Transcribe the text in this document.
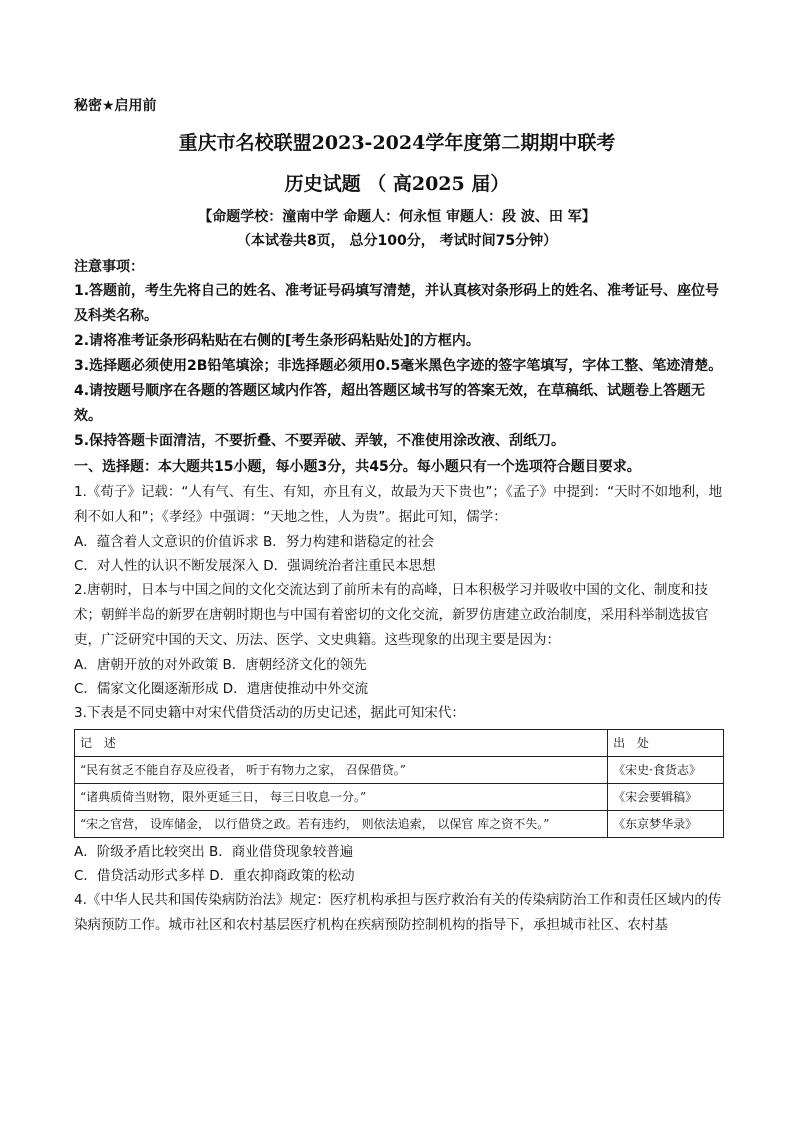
秘密★启用前
重庆市名校联盟2023-2024学年度第二期期中联考
历史试题 （ 高2025 届）
【命题学校：潼南中学 命题人：何永恒 审题人：段 波、田 军】
（本试卷共8页， 总分100分， 考试时间75分钟）
注意事项：

1.答题前，考生先将自己的姓名、准考证号码填写清楚，并认真核对条形码上的姓名、准考证号、座位号及科类名称。

2.请将准考证条形码粘贴在右侧的[考生条形码粘贴处]的方框内。

3.选择题必须使用2B铅笔填涂；非选择题必须用0.5毫米黑色字迹的签字笔填写，字体工整、笔迹清楚。

4.请按题号顺序在各题的答题区域内作答，超出答题区域书写的答案无效，在草稿纸、试题卷上答题无效。

5.保持答题卡面清洁，不要折叠、不要弄破、弄皱，不准使用涂改液、刮纸刀。

一、选择题：本大题共15小题，每小题3分，共45分。每小题只有一个选项符合题目要求。

1.《荀子》记载：“人有气、有生、有知，亦且有义，故最为天下贵也”；《孟子》中提到：“天时不如地利，地利不如人和”；《孝经》中强调：“天地之性，人为贵”。据此可知，儒学：

A．蕴含着人文意识的价值诉求 B．努力构建和谐稳定的社会

C．对人性的认识不断发展深入 D．强调统治者注重民本思想

2.唐朝时，日本与中国之间的文化交流达到了前所未有的高峰，日本积极学习并吸收中国的文化、制度和技术；朝鲜半岛的新罗在唐朝时期也与中国有着密切的文化交流，新罗仿唐建立政治制度，采用科举制选拔官吏，广泛研究中国的天文、历法、医学、文史典籍。这些现象的出现主要是因为：

A．唐朝开放的对外政策 B．唐朝经济文化的领先

C．儒家文化圈逐渐形成 D．遣唐使推动中外交流

3.下表是不同史籍中对宋代借贷活动的历史记述，据此可知宋代：

记 述	出 处
“民有贫乏不能自存及应役者， 听于有物力之家， 召保借贷。”	《宋史·食货志》
“诸典质倚当财物，限外更延三日， 每三日收息一分。”	《宋会要辑稿》
“宋之官营， 设库储金， 以行借贷之政。若有违约， 则依法追索， 以保官 库之资不失。”	《东京梦华录》

A．阶级矛盾比较突出 B．商业借贷现象较普遍

C．借贷活动形式多样 D．重农抑商政策的松动

4.《中华人民共和国传染病防治法》规定：医疗机构承担与医疗救治有关的传染病防治工作和责任区域内的传染病预防工作。城市社区和农村基层医疗机构在疾病预防控制机构的指导下，承担城市社区、农村基
